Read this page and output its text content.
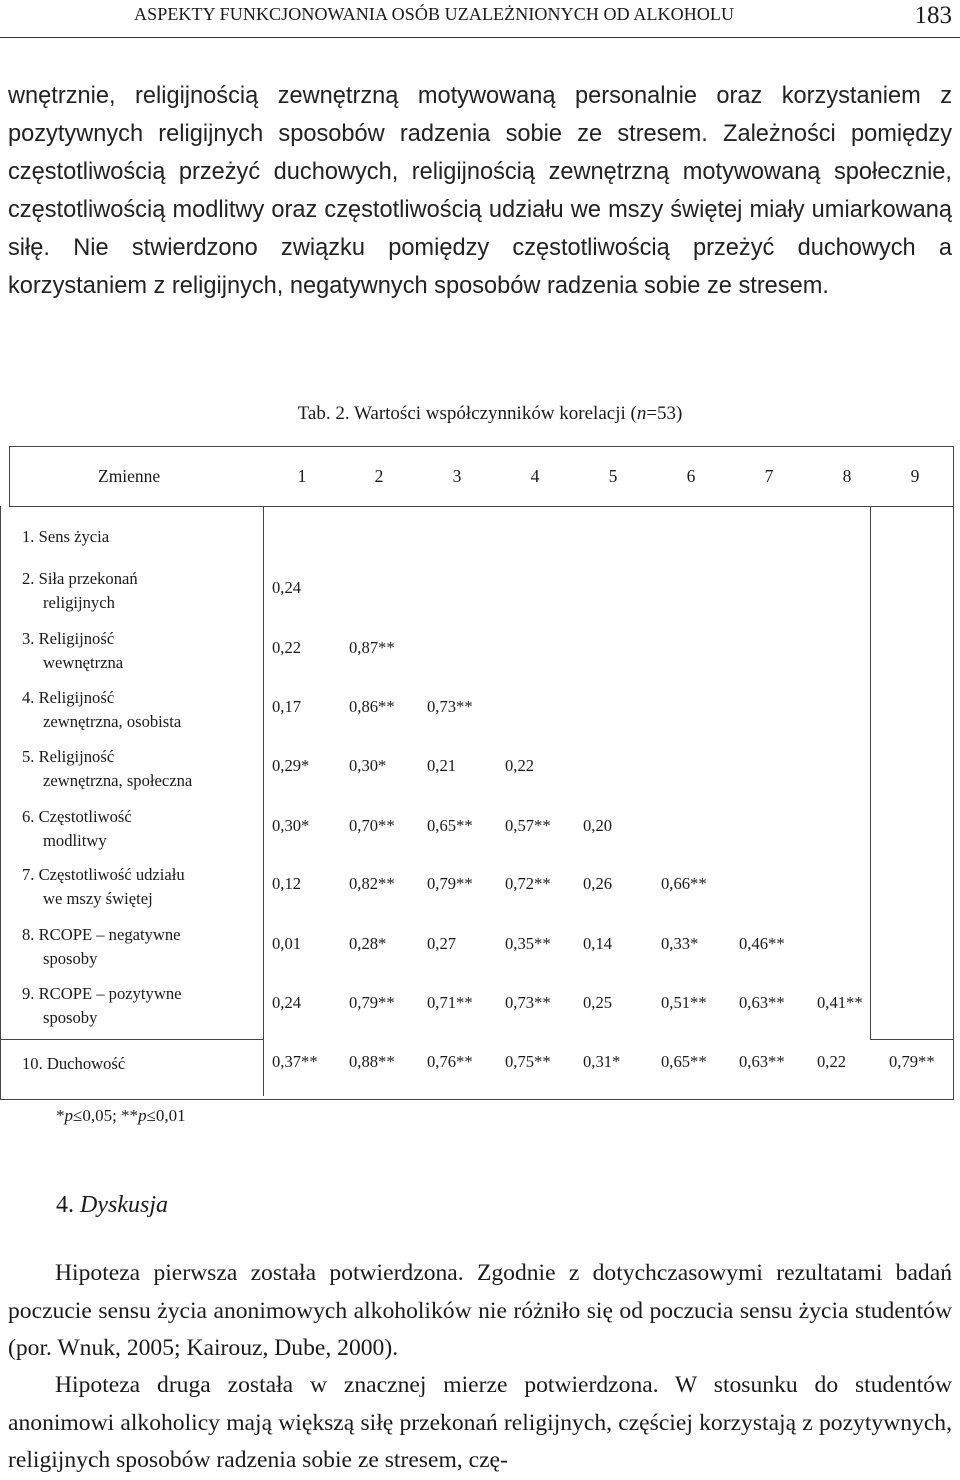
ASPEKTY FUNKCJONOWANIA OSÓB UZALEŻNIONYCH OD ALKOHOLU	183

wnętrznie, religijnością zewnętrzną motywowaną personalnie oraz korzystaniem z pozytywnych religijnych sposobów radzenia sobie ze stresem. Zależności pomiędzy częstotliwością przeżyć duchowych, religijnością zewnętrzną motywowaną społecznie, częstotliwością modlitwy oraz częstotliwością udziału we mszy świętej miały umiarkowaną siłę. Nie stwierdzono związku pomiędzy częstotliwością przeżyć duchowych a korzystaniem z religijnych, negatywnych sposobów radzenia sobie ze stresem.

Tab. 2. Wartości współczynników korelacji (n=53)
Zmienne	1	2	3	4	5	6	7	8	9
1. Sens życia
2. Siła przekonań
religijnych
0,24
3. Religijność
wewnętrzna
0,22	0,87**
4. Religijność
zewnętrzna, osobista
0,17	0,86** 0,73**
5. Religijność
zewnętrzna, społeczna
0,29* 0,30* 0,21	0,22
6. Częstotliwość
modlitwy
0,30* 0,70** 0,65** 0,57** 0,20
7. Częstotliwość udziału
we mszy świętej
0,12	0,82** 0,79** 0,72** 0,26	0,66**
8. RCOPE – negatywne
sposoby
0,01	0,28* 0,27	0,35** 0,14	0,33* 0,46**
9. RCOPE – pozytywne
sposoby
0,24	0,79** 0,71** 0,73** 0,25	0,51** 0,63** 0,41**
10. Duchowość	0,37** 0,88** 0,76** 0,75** 0,31* 0,65** 0,63** 0,22	0,79**
*p≤0,05; **p≤0,01
4. Dyskusja

Hipoteza pierwsza została potwierdzona. Zgodnie z dotychczasowymi rezultatami badań poczucie sensu życia anonimowych alkoholików nie różniło się od poczucia sensu życia studentów (por. Wnuk, 2005; Kairouz, Dube, 2000).

Hipoteza druga została w znacznej mierze potwierdzona. W stosunku do studentów anonimowi alkoholicy mają większą siłę przekonań religijnych, częściej korzystają z pozytywnych, religijnych sposobów radzenia sobie ze stresem, czę-
